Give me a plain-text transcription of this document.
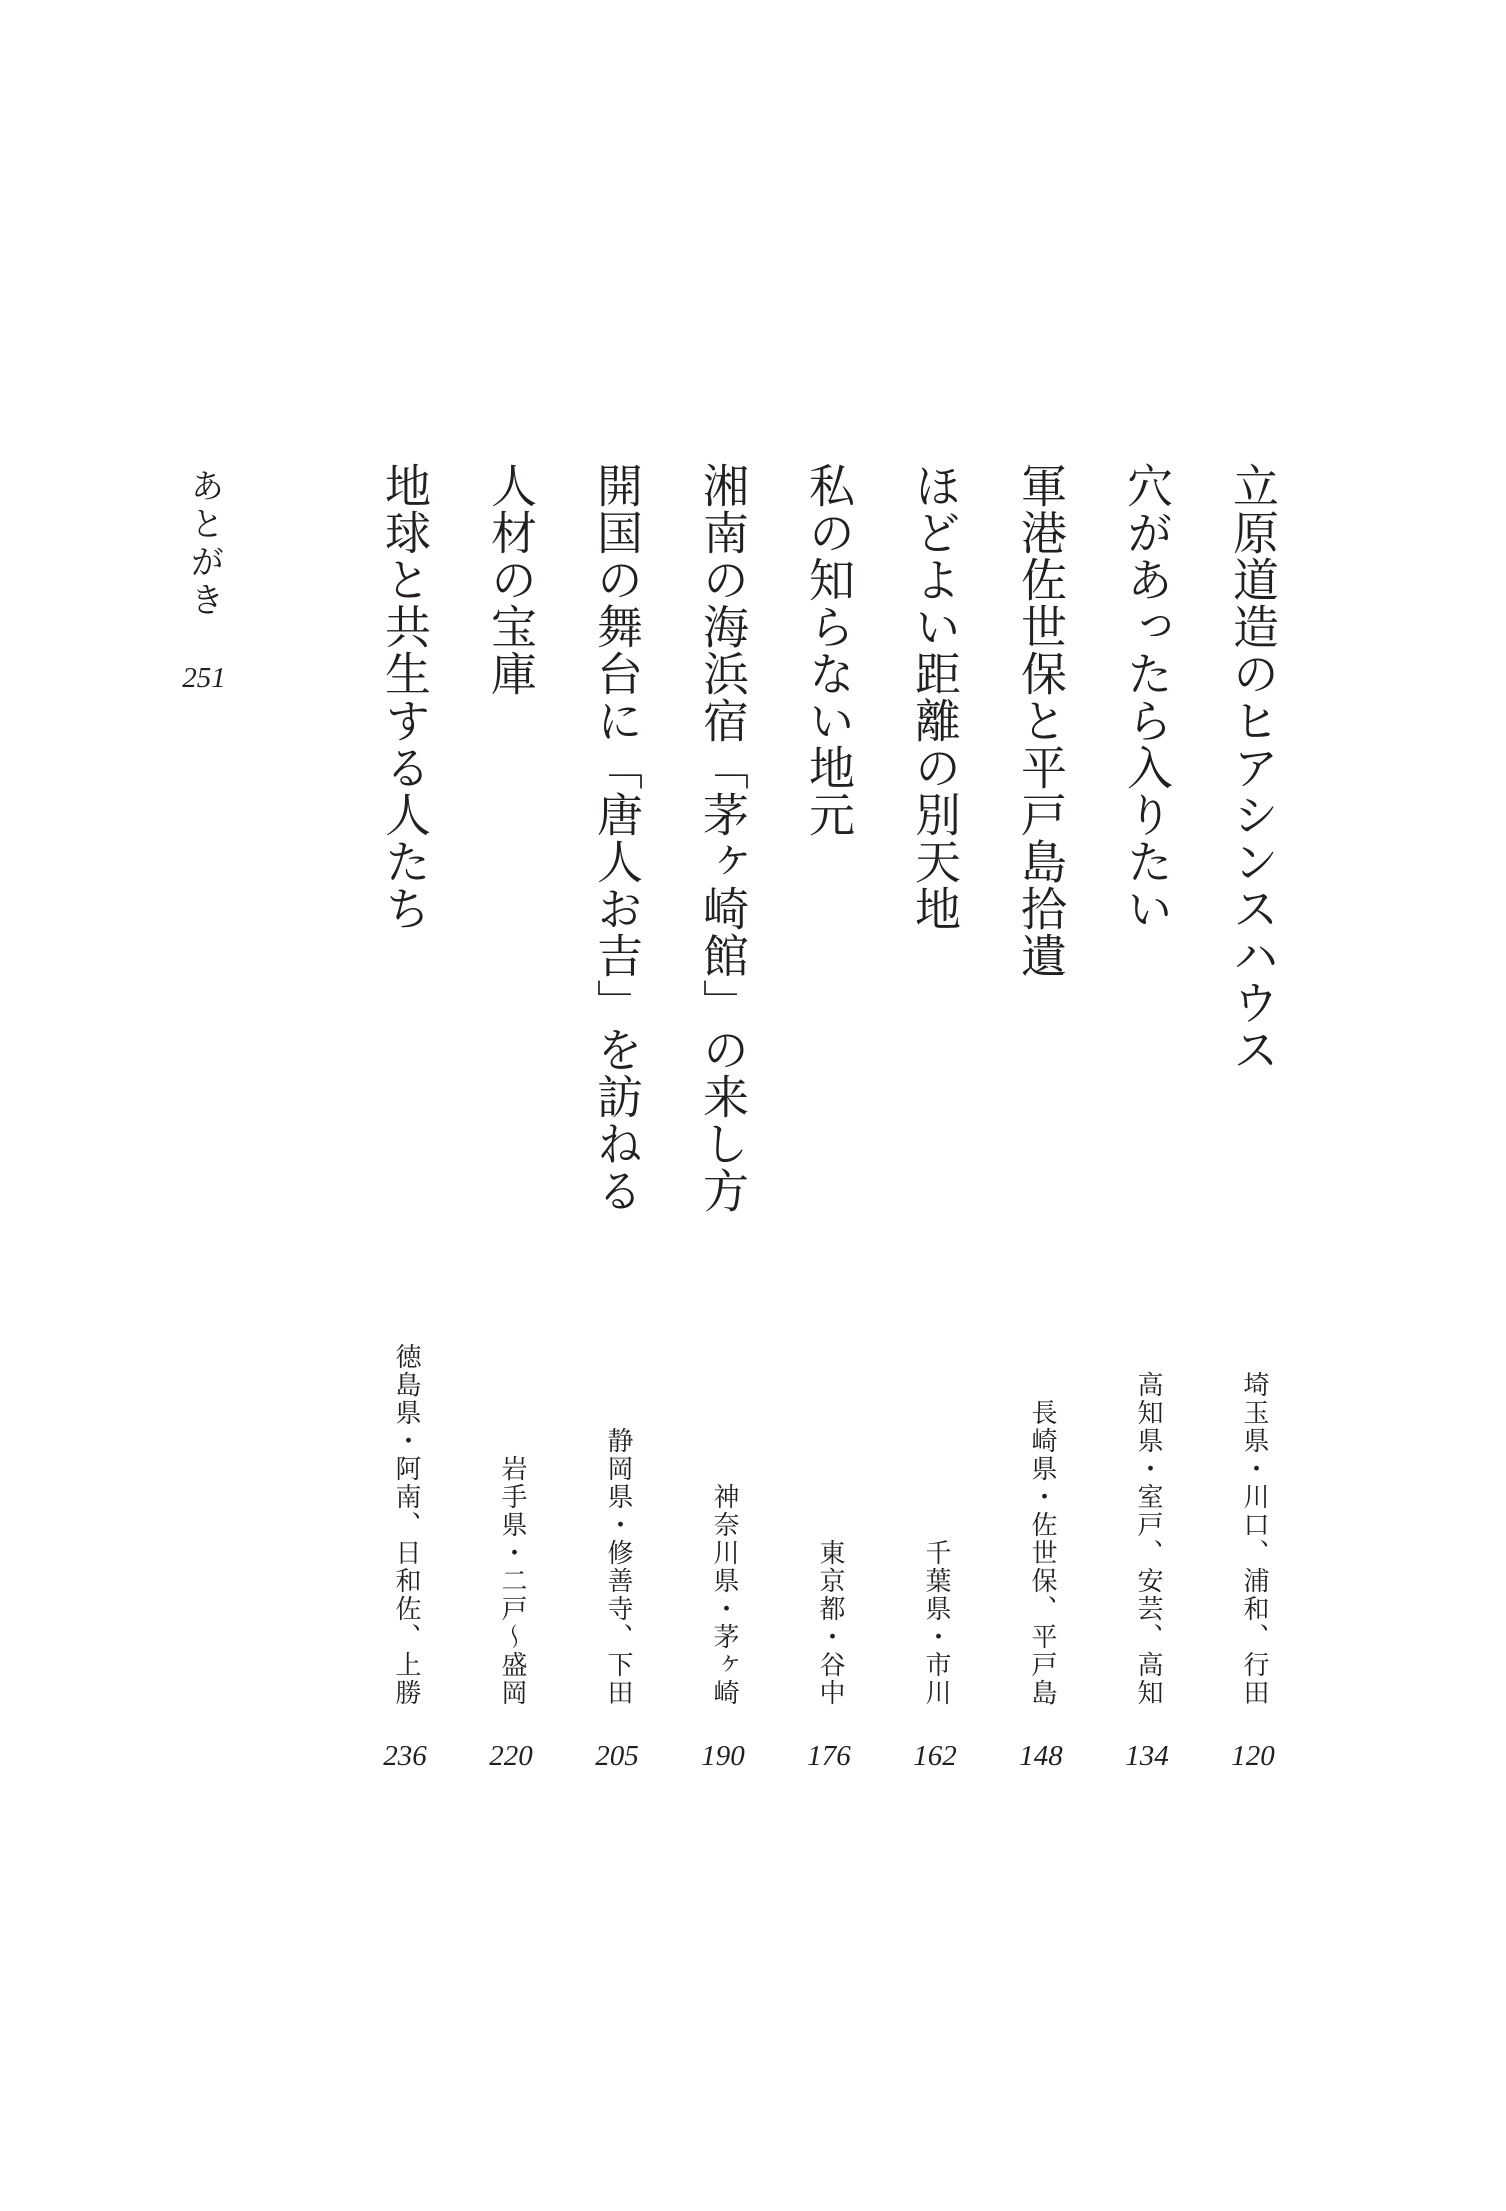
立原道造のヒアシンスハウス
埼玉県・川口、浦和、行田
120
穴があったら入りたい
高知県・室戸、安芸、高知
134
軍港佐世保と平戸島拾遺
長崎県・佐世保、平戸島
148
ほどよい距離の別天地
千葉県・市川
162
私の知らない地元
東京都・谷中
176
湘南の海浜宿「茅ヶ崎館」の来し方
神奈川県・茅ヶ崎
190
開国の舞台に「唐人お吉」を訪ねる
静岡県・修善寺、下田
205
人材の宝庫
岩手県・二戸～盛岡
220
地球と共生する人たち
徳島県・阿南、日和佐、上勝
236
あとがき
251
